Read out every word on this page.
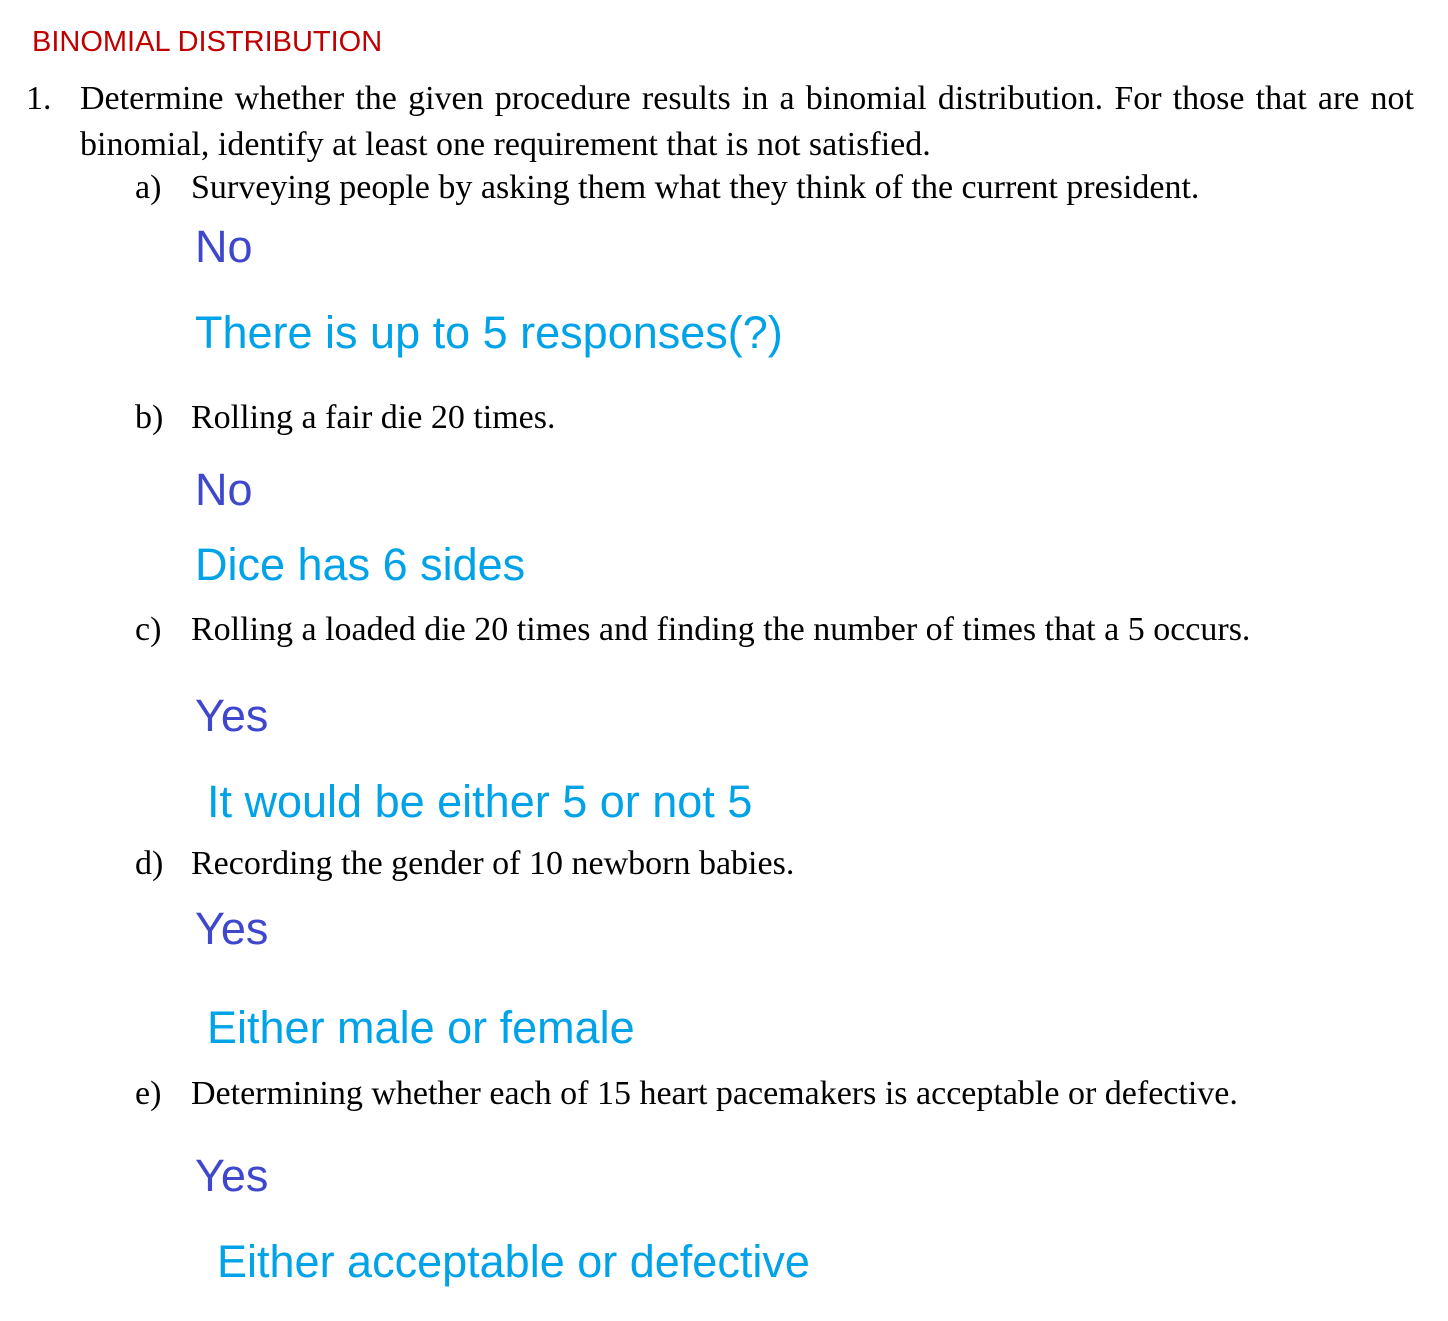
BINOMIAL DISTRIBUTION
1. Determine whether the given procedure results in a binomial distribution. For those that are not binomial, identify at least one requirement that is not satisfied.
a) Surveying people by asking them what they think of the current president.
No
There is up to 5 responses(?)
b) Rolling a fair die 20 times.
No
Dice has 6 sides
c) Rolling a loaded die 20 times and finding the number of times that a 5 occurs.
Yes
It would be either 5 or not 5
d) Recording the gender of 10 newborn babies.
Yes
Either male or female
e) Determining whether each of 15 heart pacemakers is acceptable or defective.
Yes
Either acceptable or defective
